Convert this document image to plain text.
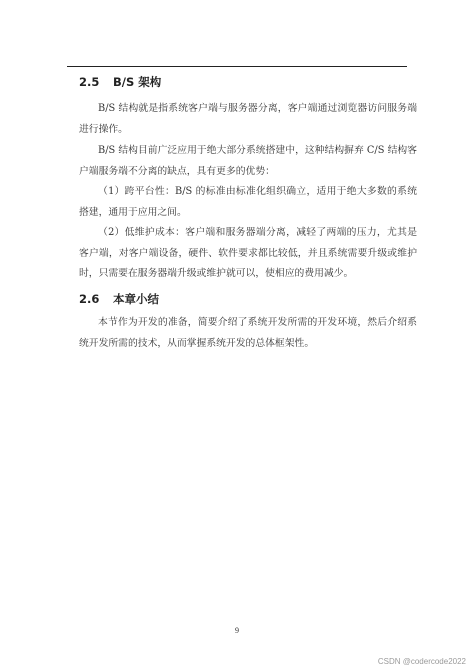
2.5 B/S 架构

B/S 结构就是指系统客户端与服务器分离，客户端通过浏览器访问服务端进行操作。

B/S 结构目前广泛应用于绝大部分系统搭建中，这种结构摒弃 C/S 结构客户端服务端不分离的缺点，具有更多的优势：

（1）跨平台性：B/S 的标准由标准化组织确立，适用于绝大多数的系统搭建，通用于应用之间。

（2）低维护成本：客户端和服务器端分离，减轻了两端的压力，尤其是客户端，对客户端设备，硬件、软件要求都比较低，并且系统需要升级或维护时，只需要在服务器端升级或维护就可以，使相应的费用减少。

2.6 本章小结

本节作为开发的准备，简要介绍了系统开发所需的开发环境，然后介绍系统开发所需的技术，从而掌握系统开发的总体框架性。

9
CSDN @codercode2022
